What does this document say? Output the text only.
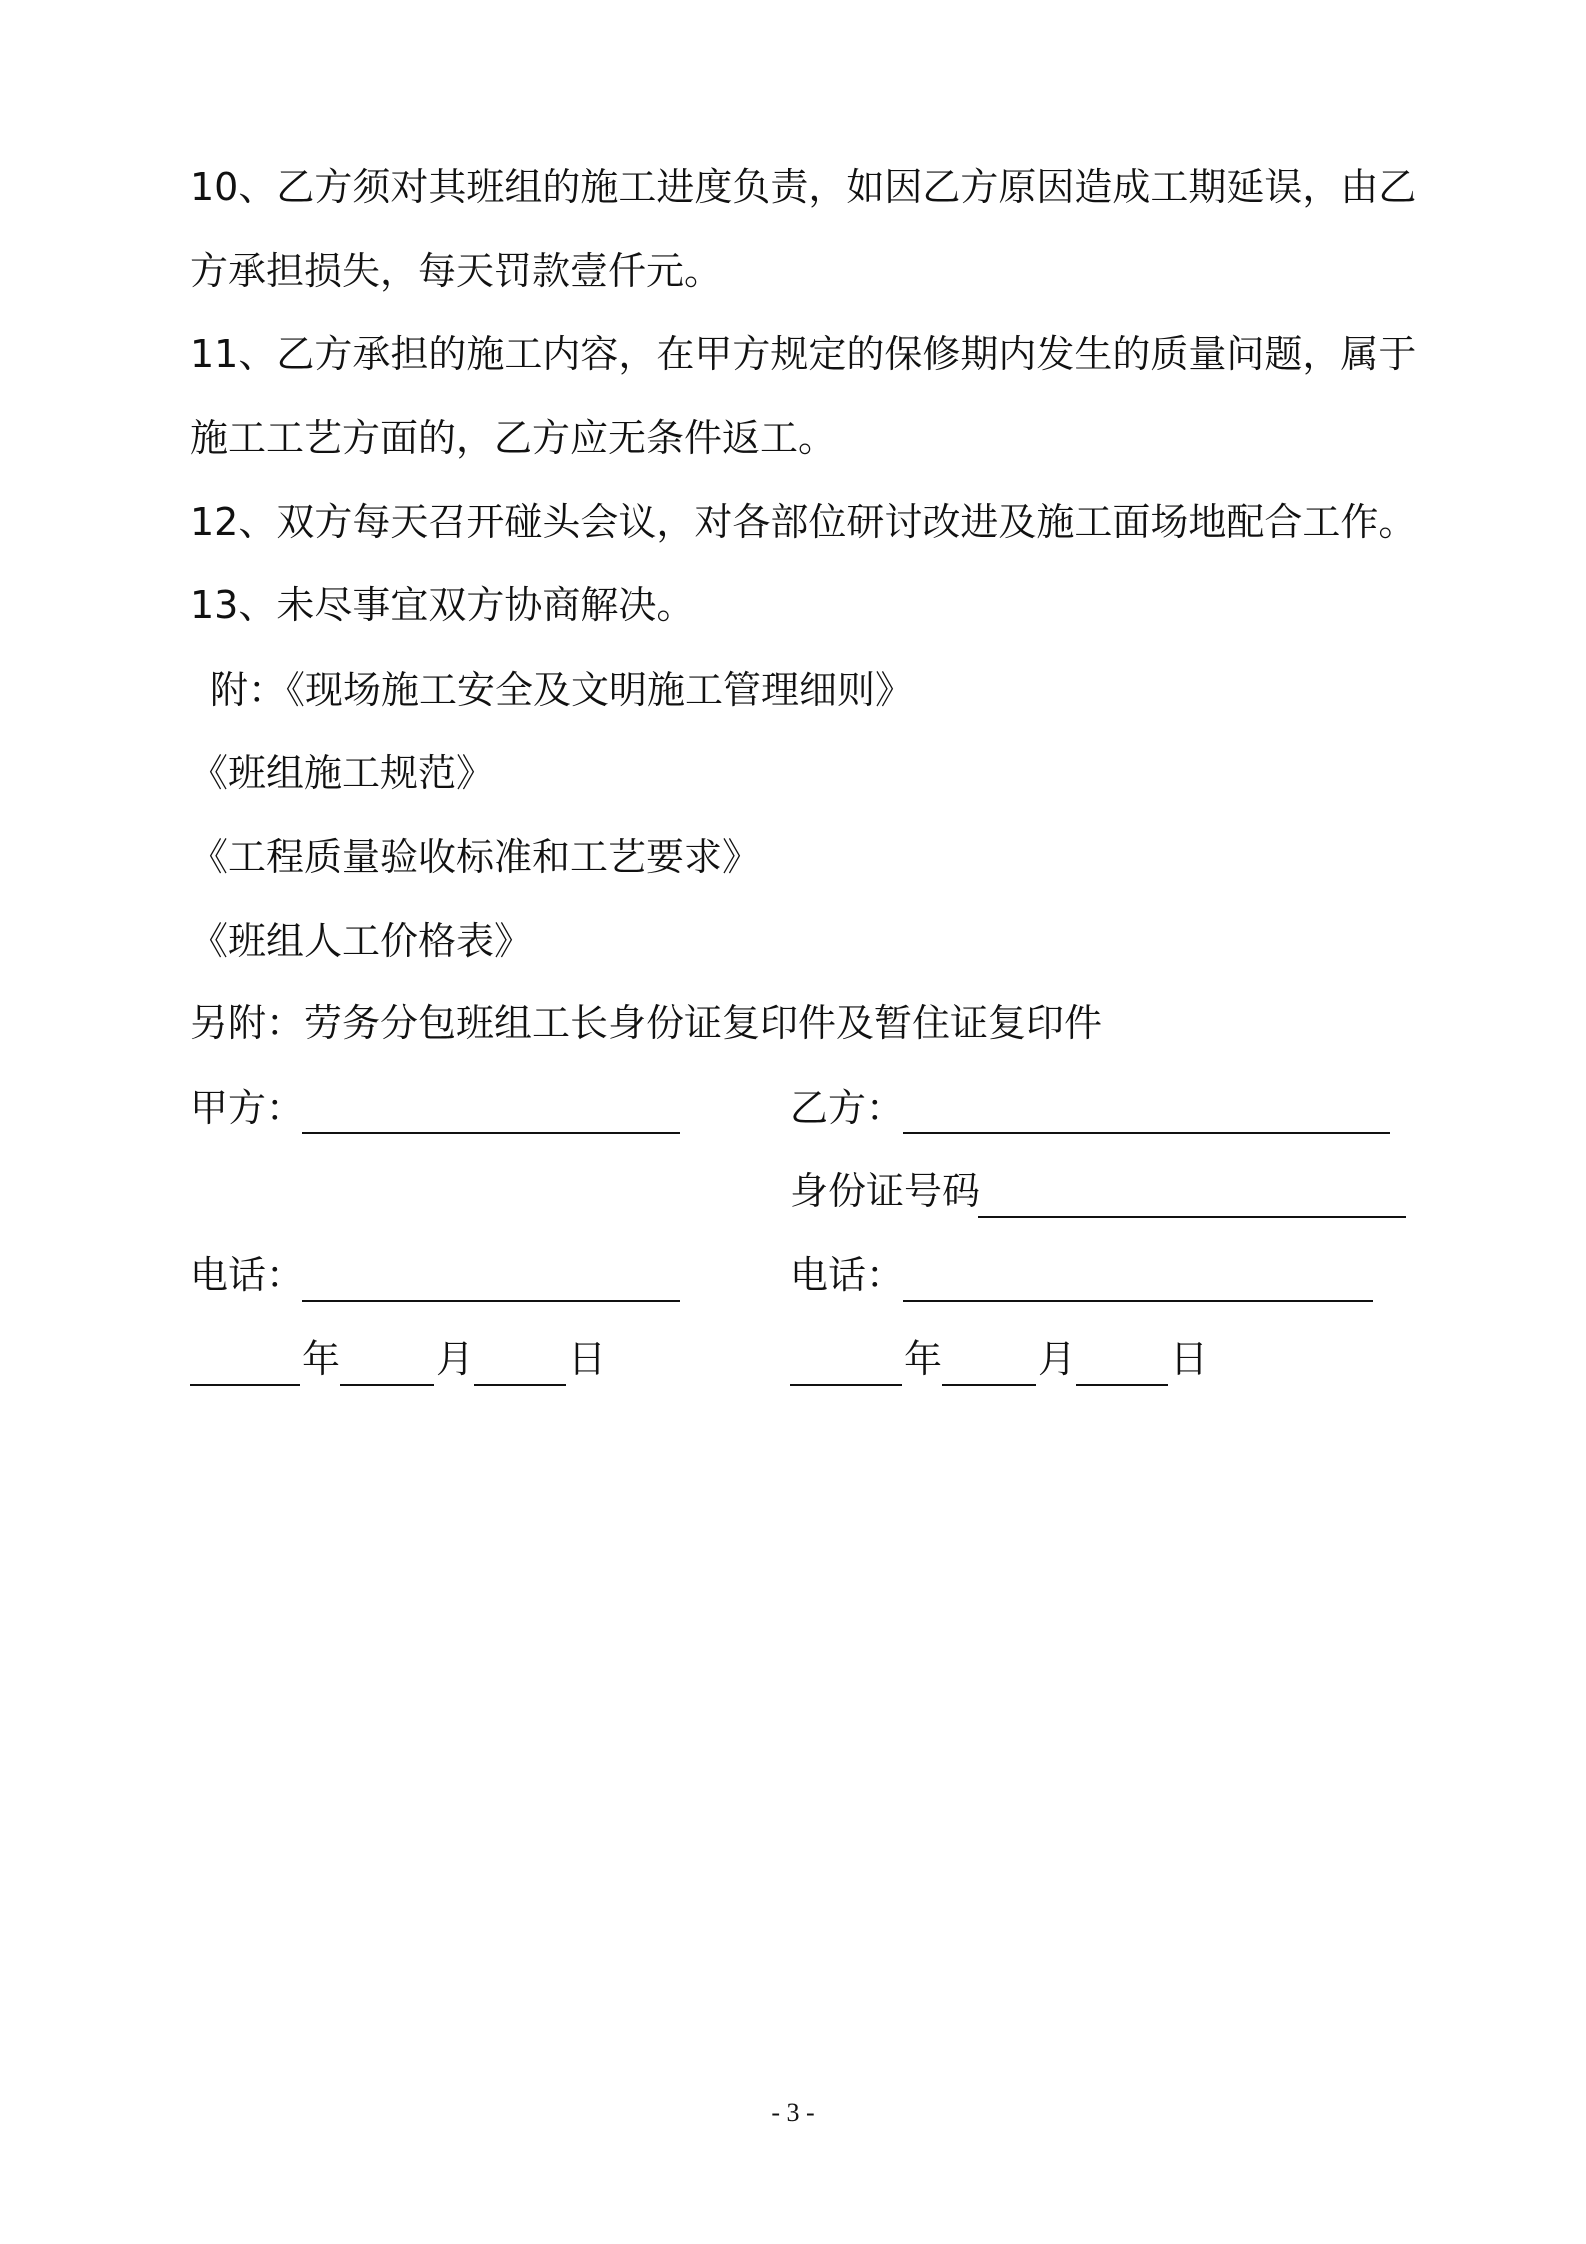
10、乙方须对其班组的施工进度负责，如因乙方原因造成工期延误，由乙
方承担损失，每天罚款壹仟元。
11、乙方承担的施工内容，在甲方规定的保修期内发生的质量问题，属于
施工工艺方面的，乙方应无条件返工。
12、双方每天召开碰头会议，对各部位研讨改进及施工面场地配合工作。
13、未尽事宜双方协商解决。
附：《现场施工安全及文明施工管理细则》
《班组施工规范》
《工程质量验收标准和工艺要求》
《班组人工价格表》
另附：劳务分包班组工长身份证复印件及暂住证复印件
甲方：	乙方：
身份证号码
电话：	电话：
年	月 日	年	月 日
- 3 -
